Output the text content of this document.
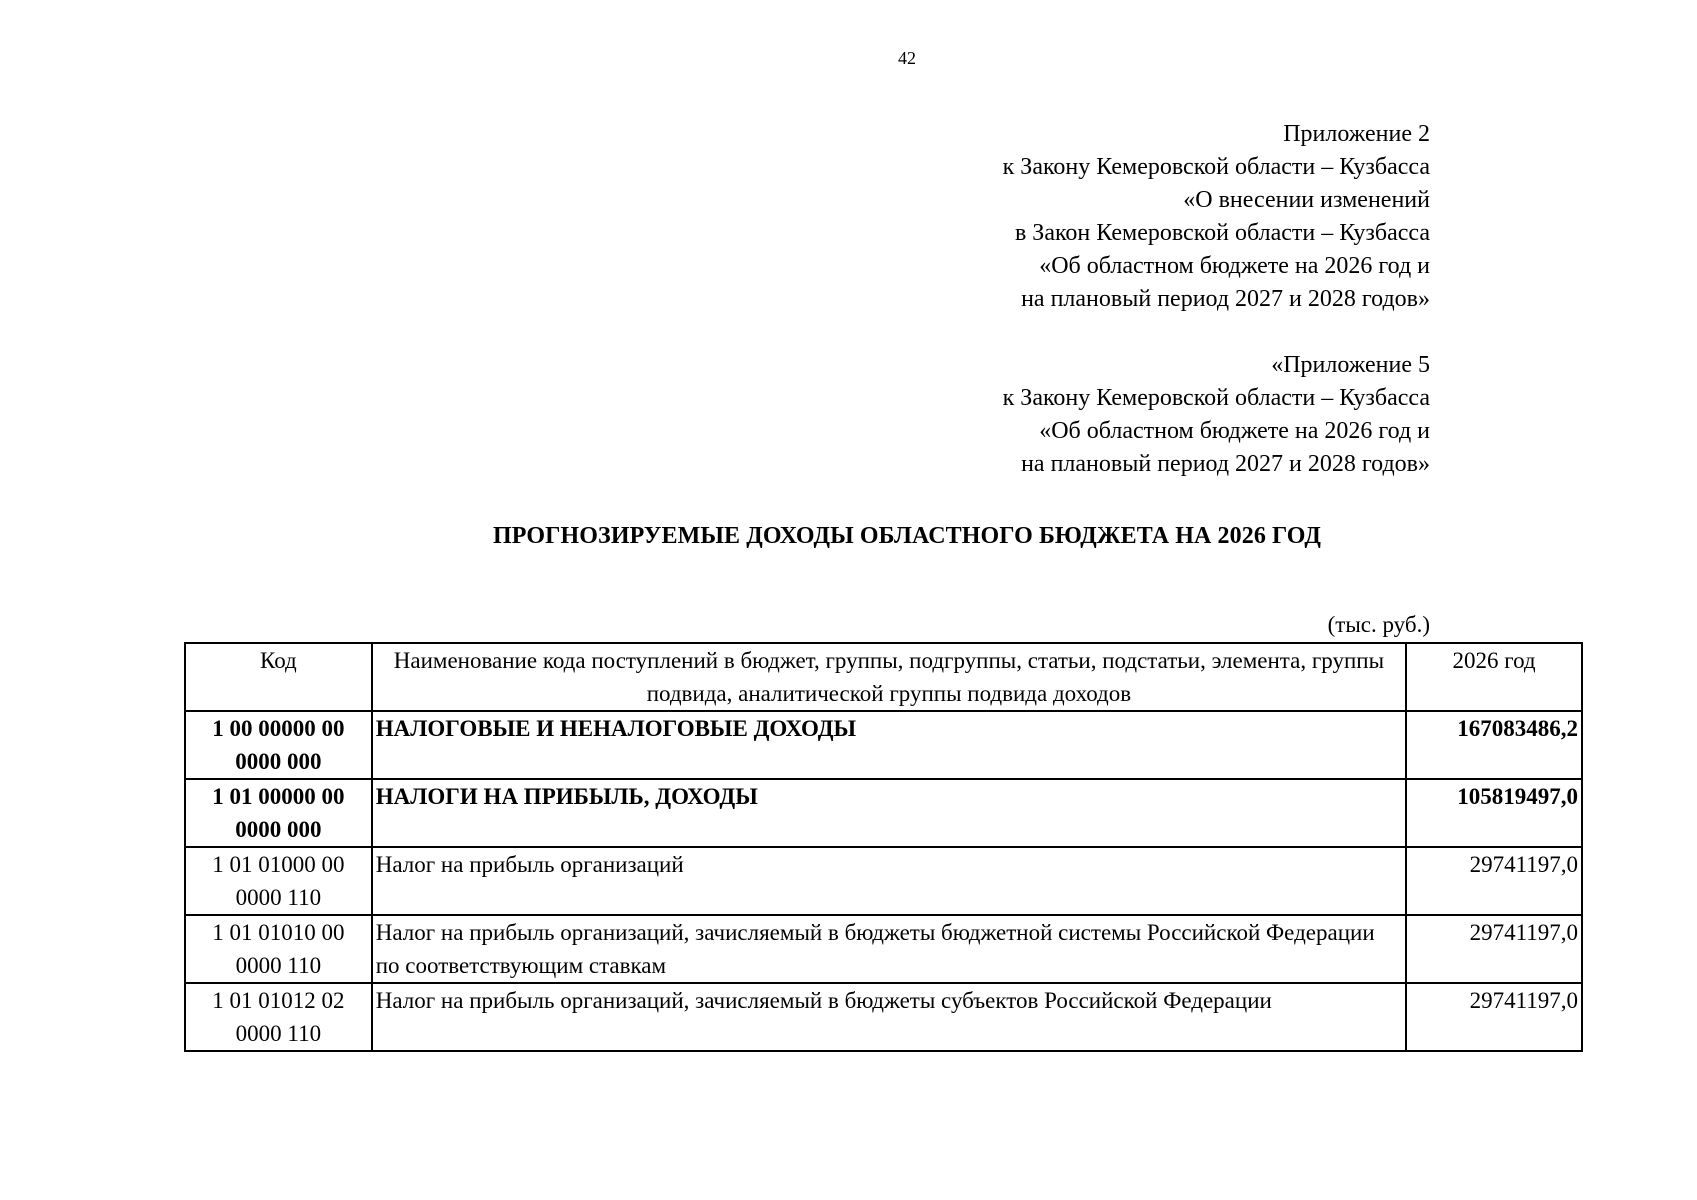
42
Приложение 2
к Закону Кемеровской области – Кузбасса
«О внесении изменений
в Закон Кемеровской области – Кузбасса
«Об областном бюджете на 2026 год и
на плановый период 2027 и 2028 годов»
«Приложение 5
к Закону Кемеровской области – Кузбасса
«Об областном бюджете на 2026 год и
на плановый период 2027 и 2028 годов»
ПРОГНОЗИРУЕМЫЕ ДОХОДЫ ОБЛАСТНОГО БЮДЖЕТА НА 2026 ГОД
(тыс. руб.)
Код	Наименование кода поступлений в бюджет, группы, подгруппы, статьи, подстатьи, элемента, группы подвида, аналитической группы подвида доходов	2026 год
1 00 00000 00
0000 000	НАЛОГОВЫЕ И НЕНАЛОГОВЫЕ ДОХОДЫ	167083486,2
1 01 00000 00
0000 000	НАЛОГИ НА ПРИБЫЛЬ, ДОХОДЫ	105819497,0
1 01 01000 00
0000 110	Налог на прибыль организаций	29741197,0
1 01 01010 00
0000 110	Налог на прибыль организаций, зачисляемый в бюджеты бюджетной системы Российской Федерации по соответствующим ставкам	29741197,0
1 01 01012 02
0000 110	Налог на прибыль организаций, зачисляемый в бюджеты субъектов Российской Федерации	29741197,0
